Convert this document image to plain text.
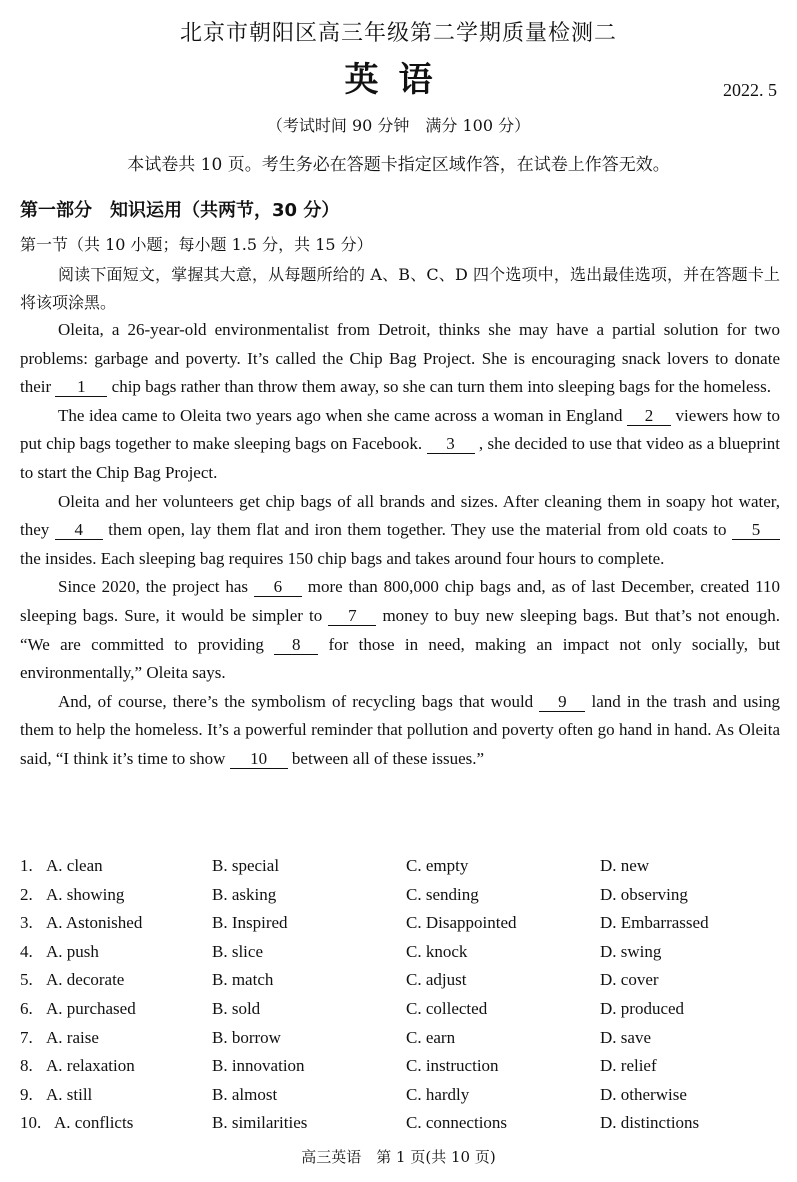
北京市朝阳区高三年级第二学期质量检测二
英语	2022. 5
（考试时间 90 分钟　满分 100 分）
本试卷共 10 页。考生务必在答题卡指定区域作答，在试卷上作答无效。
第一部分　知识运用（共两节，30 分）
第一节（共 10 小题；每小题 1.5 分，共 15 分）
阅读下面短文，掌握其大意，从每题所给的 A、B、C、D 四个选项中，选出最佳选项，并在答题卡上将该项涂黑。

Oleita, a 26-year-old environmentalist from Detroit, thinks she may have a partial solution for two problems: garbage and poverty. It’s called the Chip Bag Project. She is encouraging snack lovers to donate their 1 chip bags rather than throw them away, so she can turn them into sleeping bags for the homeless.

The idea came to Oleita two years ago when she came across a woman in England 2 viewers how to put chip bags together to make sleeping bags on Facebook. 3 , she decided to use that video as a blueprint to start the Chip Bag Project.

Oleita and her volunteers get chip bags of all brands and sizes. After cleaning them in soapy hot water, they 4 them open, lay them flat and iron them together. They use the material from old coats to 5 the insides. Each sleeping bag requires 150 chip bags and takes around four hours to complete.

Since 2020, the project has 6 more than 800,000 chip bags and, as of last December, created 110 sleeping bags. Sure, it would be simpler to 7 money to buy new sleeping bags. But that’s not enough. “We are committed to providing 8 for those in need, making an impact not only socially, but environmentally,” Oleita says.

And, of course, there’s the symbolism of recycling bags that would 9 land in the trash and using them to help the homeless. It’s a powerful reminder that pollution and poverty often go hand in hand. As Oleita said, “I think it’s time to show 10 between all of these issues.”

1. A. clean	B. special	C. empty	D. new
2. A. showing	B. asking	C. sending	D. observing
3. A. Astonished	B. Inspired	C. Disappointed	D. Embarrassed
4. A. push	B. slice	C. knock	D. swing
5. A. decorate	B. match	C. adjust	D. cover
6. A. purchased	B. sold	C. collected	D. produced
7. A. raise	B. borrow	C. earn	D. save
8. A. relaxation	B. innovation	C. instruction	D. relief
9. A. still	B. almost	C. hardly	D. otherwise
10. A. conflicts	B. similarities	C. connections	D. distinctions
高三英语　第 1 页(共 10 页)
